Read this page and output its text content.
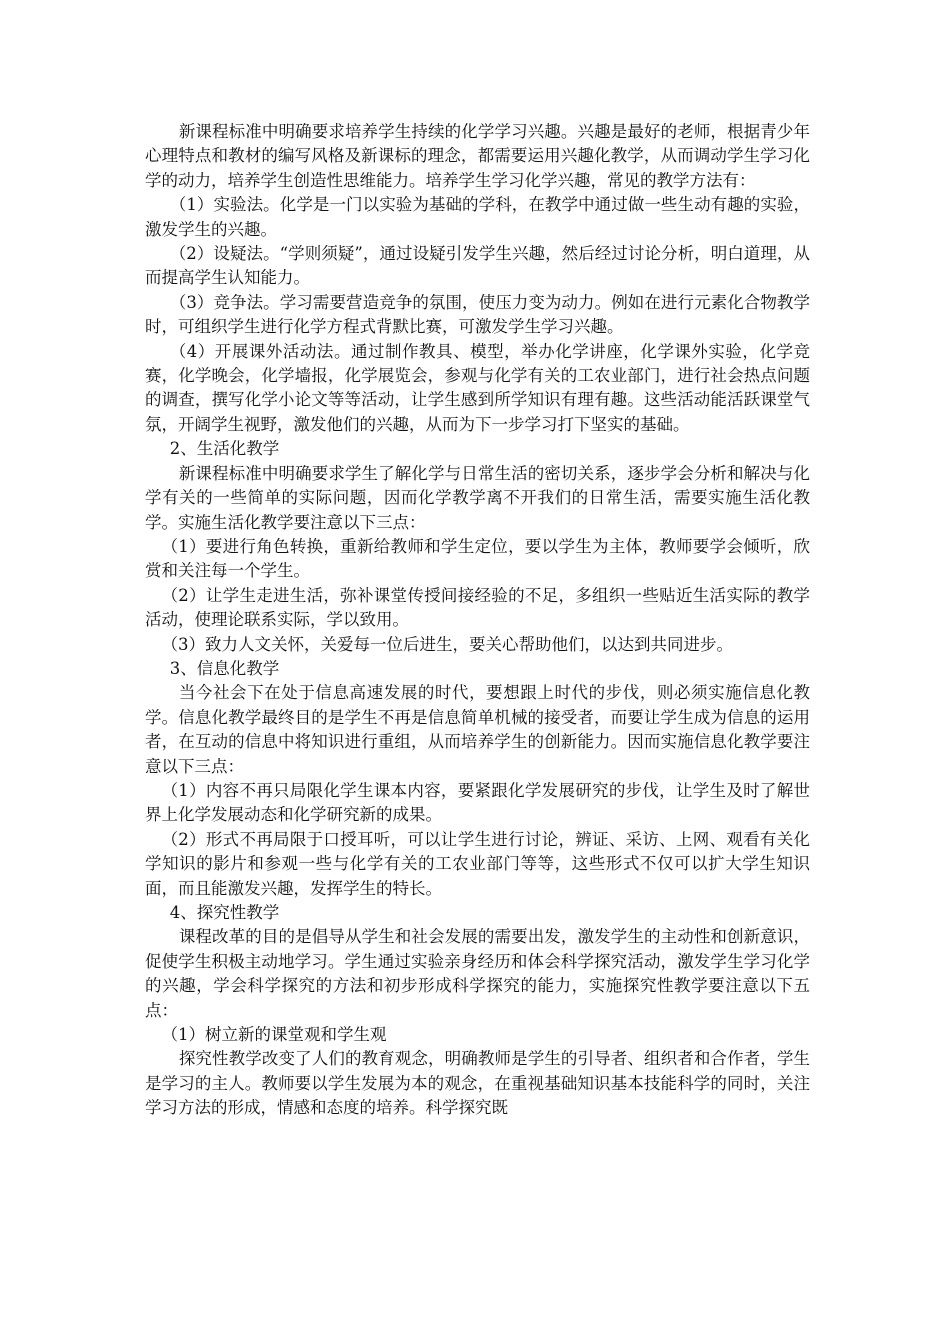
新课程标准中明确要求培养学生持续的化学学习兴趣。兴趣是最好的老师，根据青少年心理特点和教材的编写风格及新课标的理念，都需要运用兴趣化教学，从而调动学生学习化学的动力，培养学生创造性思维能力。培养学生学习化学兴趣，常见的教学方法有：

（1）实验法。化学是一门以实验为基础的学科，在教学中通过做一些生动有趣的实验，激发学生的兴趣。

（2）设疑法。“学则须疑”，通过设疑引发学生兴趣，然后经过讨论分析，明白道理，从而提高学生认知能力。

（3）竞争法。学习需要营造竞争的氛围，使压力变为动力。例如在进行元素化合物教学时，可组织学生进行化学方程式背默比赛，可激发学生学习兴趣。

（4）开展课外活动法。通过制作教具、模型，举办化学讲座，化学课外实验，化学竞赛，化学晚会，化学墙报，化学展览会，参观与化学有关的工农业部门，进行社会热点问题的调查，撰写化学小论文等等活动，让学生感到所学知识有理有趣。这些活动能活跃课堂气氛，开阔学生视野，激发他们的兴趣，从而为下一步学习打下坚实的基础。

2、生活化教学

新课程标准中明确要求学生了解化学与日常生活的密切关系，逐步学会分析和解决与化学有关的一些简单的实际问题，因而化学教学离不开我们的日常生活，需要实施生活化教学。实施生活化教学要注意以下三点：

（1）要进行角色转换，重新给教师和学生定位，要以学生为主体，教师要学会倾听，欣赏和关注每一个学生。

（2）让学生走进生活，弥补课堂传授间接经验的不足，多组织一些贴近生活实际的教学活动，使理论联系实际，学以致用。

（3）致力人文关怀，关爱每一位后进生，要关心帮助他们，以达到共同进步。

3、信息化教学

当今社会下在处于信息高速发展的时代，要想跟上时代的步伐，则必须实施信息化教学。信息化教学最终目的是学生不再是信息简单机械的接受者，而要让学生成为信息的运用者，在互动的信息中将知识进行重组，从而培养学生的创新能力。因而实施信息化教学要注意以下三点：

（1）内容不再只局限化学生课本内容，要紧跟化学发展研究的步伐，让学生及时了解世界上化学发展动态和化学研究新的成果。

（2）形式不再局限于口授耳听，可以让学生进行讨论，辨证、采访、上网、观看有关化学知识的影片和参观一些与化学有关的工农业部门等等，这些形式不仅可以扩大学生知识面，而且能激发兴趣，发挥学生的特长。

4、探究性教学

课程改革的目的是倡导从学生和社会发展的需要出发，激发学生的主动性和创新意识，促使学生积极主动地学习。学生通过实验亲身经历和体会科学探究活动，激发学生学习化学的兴趣，学会科学探究的方法和初步形成科学探究的能力，实施探究性教学要注意以下五点：

（1）树立新的课堂观和学生观

探究性教学改变了人们的教育观念，明确教师是学生的引导者、组织者和合作者，学生是学习的主人。教师要以学生发展为本的观念，在重视基础知识基本技能科学的同时，关注学习方法的形成，情感和态度的培养。科学探究既
